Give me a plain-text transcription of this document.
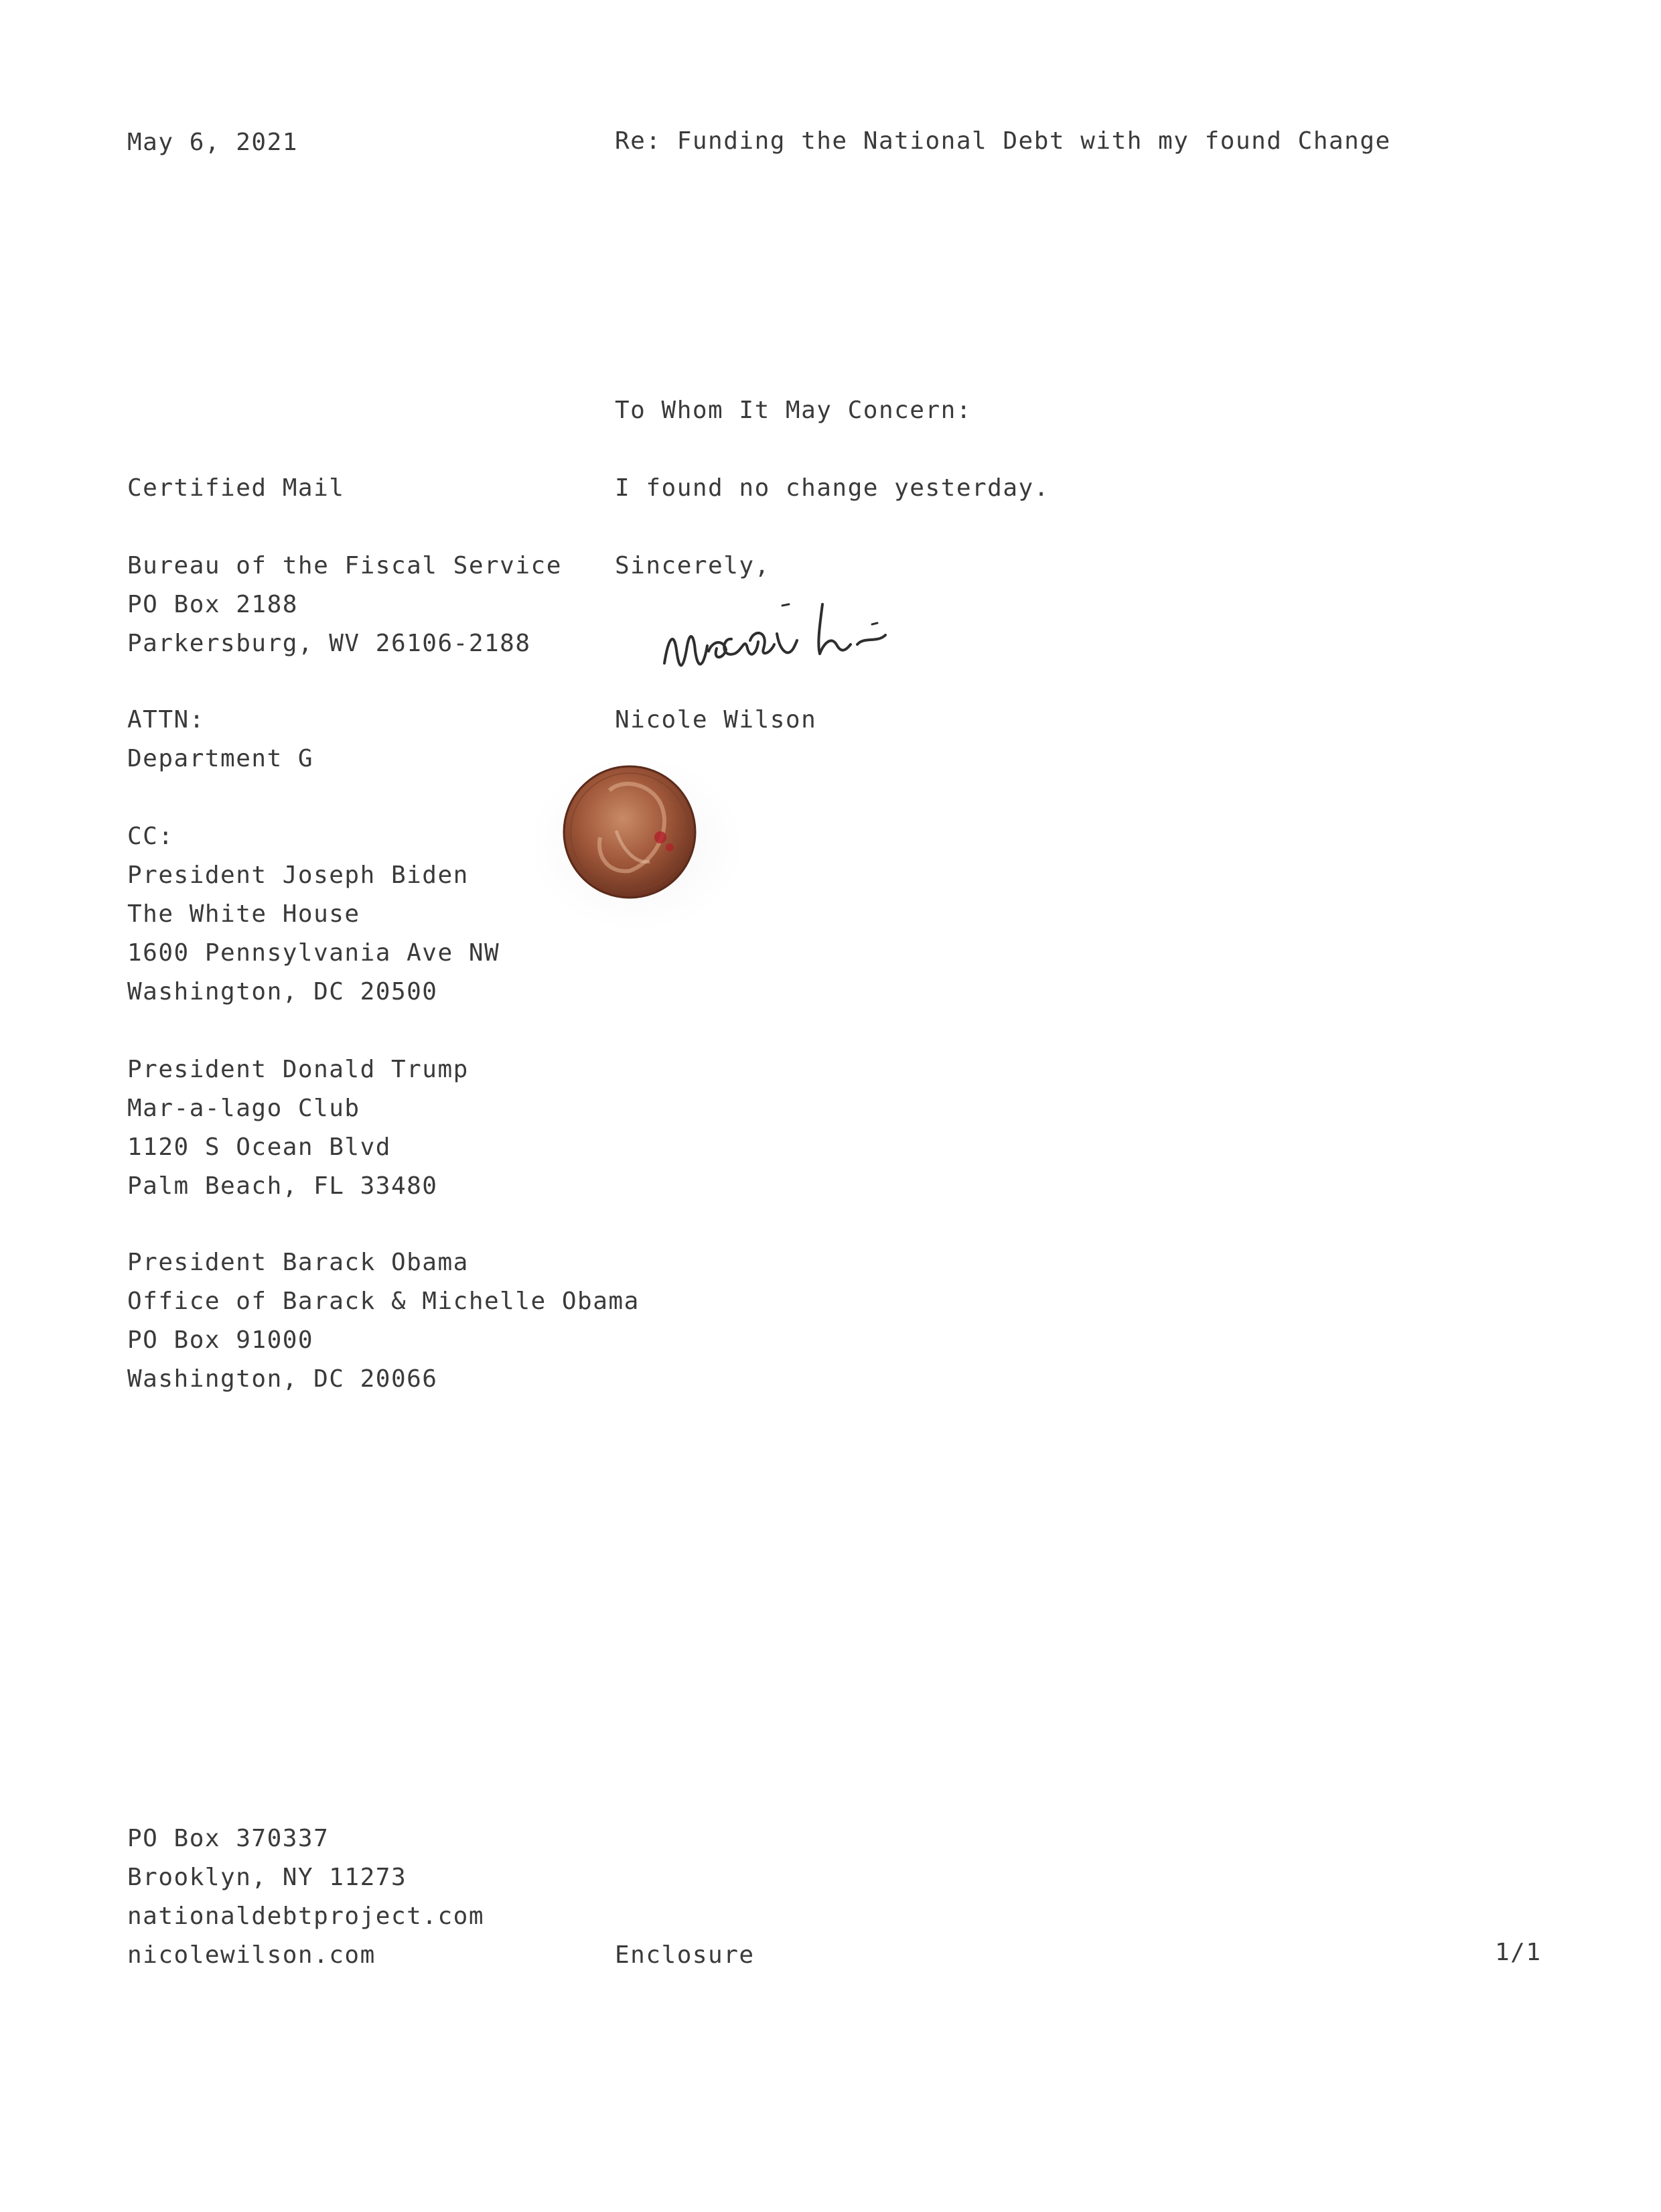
May 6, 2021	Re: Funding the National Debt with my found Change
To Whom It May Concern:
I found no change yesterday.
Sincerely,
Nicole Wilson
Certified Mail
Bureau of the Fiscal Service
PO Box 2188
Parkersburg, WV 26106-2188
ATTN:
Department G
CC:
President Joseph Biden
The White House
1600 Pennsylvania Ave NW
Washington, DC 20500
President Donald Trump
Mar-a-lago Club
1120 S Ocean Blvd
Palm Beach, FL 33480
President Barack Obama
Office of Barack & Michelle Obama
PO Box 91000
Washington, DC 20066
PO Box 370337
Brooklyn, NY 11273
nationaldebtproject.com
nicolewilson.com	Enclosure	1/1
